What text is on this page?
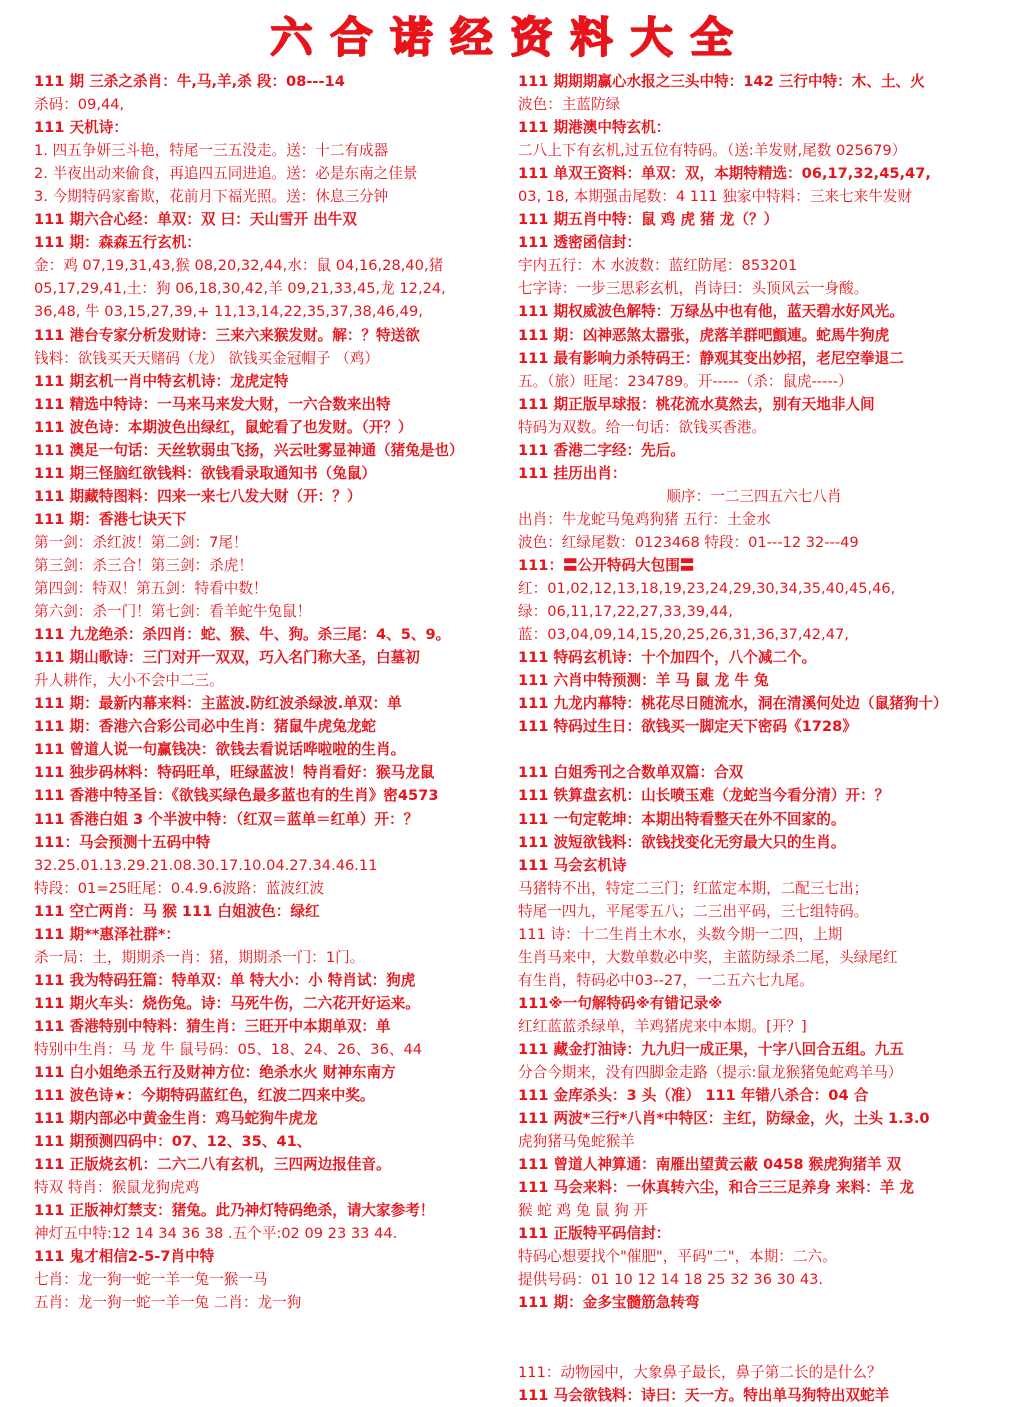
六合诺经资料大全
111 期 三杀之杀肖：牛,马,羊,杀 段：08---14
杀码：09,44,
111 天机诗：
1. 四五争妍三斗艳，特尾一三五没走。送：十二有成器
2. 半夜出动来偷食，再追四五同进追。送：必是东南之佳景
3. 今期特码家畜欺，花前月下福光照。送：休息三分钟
111 期六合心经：单双：双 曰：天山雪开 出牛双
111 期：森森五行玄机：
金：鸡 07,19,31,43,猴 08,20,32,44,水：鼠 04,16,28,40,猪
05,17,29,41,土：狗 06,18,30,42,羊 09,21,33,45,龙 12,24,
36,48, 牛 03,15,27,39,+ 11,13,14,22,35,37,38,46,49,
111 港台专家分析发财诗：三来六来猴发财。解：？特送欲
钱料：欲钱买天天赌码（龙） 欲钱买金冠帽子 （鸡）
111 期玄机一肖中特玄机诗：龙虎定特
111 精选中特诗：一马来马来发大财，一六合数来出特
111 波色诗：本期波色出绿红，鼠蛇看了也发财。（开？）
111 澳足一句话：天丝软弱虫飞扬，兴云吐雾显神通（猪兔是也）
111 期三怪脑红欲钱料：欲钱看录取通知书（兔鼠）
111 期藏特图料：四来一来七八发大财（开：？）
111 期：香港七诀天下
第一剑：杀红波！第二剑：7尾！
第三剑：杀三合！第三剑：杀虎！
第四剑：特双！第五剑：特看中数！
第六剑：杀一门！第七剑：看羊蛇牛兔鼠！
111 九龙绝杀：杀四肖：蛇、猴、牛、狗。杀三尾：4、5、9。
111 期山歌诗：三门对开一双双，巧入名门称大圣，白墓初
升人耕作，大小不会中二三。
111 期：最新内幕来料：主蓝波.防红波杀绿波.单双：单
111 期：香港六合彩公司必中生肖：猪鼠牛虎兔龙蛇
111 曾道人说一句赢钱决：欲钱去看说话哗啦啦的生肖。
111 独步码林料：特码旺单，旺绿蓝波！特肖看好：猴马龙鼠
111 香港中特圣旨：《欲钱买绿色最多蓝也有的生肖》密4573
111 香港白姐 3 个半波中特：（红双＝蓝单＝红单）开：？
111：马会预测十五码中特
32.25.01.13.29.21.08.30.17.10.04.27.34.46.11
特段：01=25旺尾：0.4.9.6波路：蓝波红波
111 空亡两肖：马 猴 111 白姐波色：绿红
111 期**惠泽社群*：
杀一局：土，期期杀一肖：猪，期期杀一门：1门。
111 我为特码狂篇：特单双：单 特大小：小 特肖试：狗虎
111 期火车头：烧伤兔。诗：马死牛伤，二六花开好运来。
111 香港特别中特料：猜生肖：三旺开中本期单双：单
特别中生肖：马 龙 牛 鼠号码：05、18、24、26、36、44
111 白小姐绝杀五行及财神方位：绝杀水火 财神东南方
111 波色诗★：今期特码蓝红色，红波二四来中奖。
111 期内部必中黄金生肖：鸡马蛇狗牛虎龙
111 期预测四码中：07、12、35、41、
111 正版烧玄机：二六二八有玄机，三四两边报佳音。
特双 特肖：猴鼠龙狗虎鸡
111 正版神灯禁支：猪兔。此乃神灯特码绝杀，请大家参考！
神灯五中特:12 14 34 36 38 .五个平:02 09 23 33 44.
111 鬼才相信2-5-7肖中特
七肖：龙一狗一蛇一羊一兔一猴一马
五肖：龙一狗一蛇一羊一兔 二肖：龙一狗
111 期期期赢心水报之三头中特：142 三行中特：木、土、火
波色：主蓝防绿
111 期港澳中特玄机：
二八上下有玄机,过五位有特码。（送:羊发财,尾数 025679）
111 单双王资料：单双：双，本期特精选：06,17,32,45,47,
03, 18, 本期强击尾数：4 111 独家中特料：三来七来牛发财
111 期五肖中特：鼠 鸡 虎 猪 龙（？）
111 透密函信封：
宇内五行：木 水波数：蓝红防尾：853201
七字诗：一步三思彩玄机，肖诗曰：头顶风云一身酸。
111 期权威波色解特：万绿丛中也有他，蓝天碧水好风光。
111 期：凶神恶煞太嚣张，虎落羊群吧顫連。蛇馬牛狗虎
111 最有影响力杀特码王：静观其变出妙招，老尼空拳退二
五。（旅）旺尾：234789。开-----（杀：鼠虎-----）
111 期正版早球报：桃花流水莫然去，别有天地非人间
特码为双数。给一句话：欲钱买香港。
111 香港二字经：先后。
111 挂历出肖：
顺序：一二三四五六七八肖
出肖：牛龙蛇马兔鸡狗猪 五行：土金水
波色：红绿尾数：0123468 特段：01---12 32---49
111：〓公开特码大包围〓
红：01,02,12,13,18,19,23,24,29,30,34,35,40,45,46,
绿：06,11,17,22,27,33,39,44,
蓝：03,04,09,14,15,20,25,26,31,36,37,42,47,
111 特码玄机诗：十个加四个，八个减二个。
111 六肖中特预测：羊 马 鼠 龙 牛 兔
111 九龙内幕特：桃花尽日随流水，洞在清溪何处边（鼠猪狗十）
111 特码过生日：欲钱买一脚定天下密码《1728》
111 白姐秀刊之合数单双篇：合双
111 铁算盘玄机：山长喷玉难（龙蛇当今看分清）开：？
111 一句定乾坤：本期出特看整天在外不回家的。
111 波短欲钱料：欲钱找变化无穷最大只的生肖。
111 马会玄机诗
马猪特不出，特定二三门；红蓝定本期，二配三七出；
特尾一四九，平尾零五八；二三出平码，三七组特码。
111 诗：十二生肖土木水，头数今期一二四，上期
生肖马来中，大数单数必中奖，主蓝防绿杀二尾，头绿尾红
有生肖，特码必中03--27，一二五六七九尾。
111※一句解特码※有错记录※
红红蓝蓝杀绿单，羊鸡猪虎来中本期。[开？]
111 藏金打油诗：九九归一成正果，十字八回合五组。九五
分合今期来，没有四脚金走路（提示:鼠龙猴猪兔蛇鸡羊马）
111 金库杀头：3 头（准） 111 年错八杀合：04 合
111 两波*三行*八肖*中特区：主红，防绿金，火，土头 1.3.0
虎狗猪马兔蛇猴羊
111 曾道人神算通：南雁出望黄云蔽 0458 猴虎狗猪羊 双
111 马会来料：一休真转六尘，和合三三足养身 来料：羊 龙
猴 蛇 鸡 兔 鼠 狗 开
111 正版特平码信封：
特码心想要找个"催肥"，平码"二"，本期：二六。
提供号码：01 10 12 14 18 25 32 36 30 43.
111 期：金多宝髓筋急转弯
111：动物园中，大象鼻子最长，鼻子第二长的是什么？
111 马会欲钱料：诗曰：天一方。特出单马狗特出双蛇羊
